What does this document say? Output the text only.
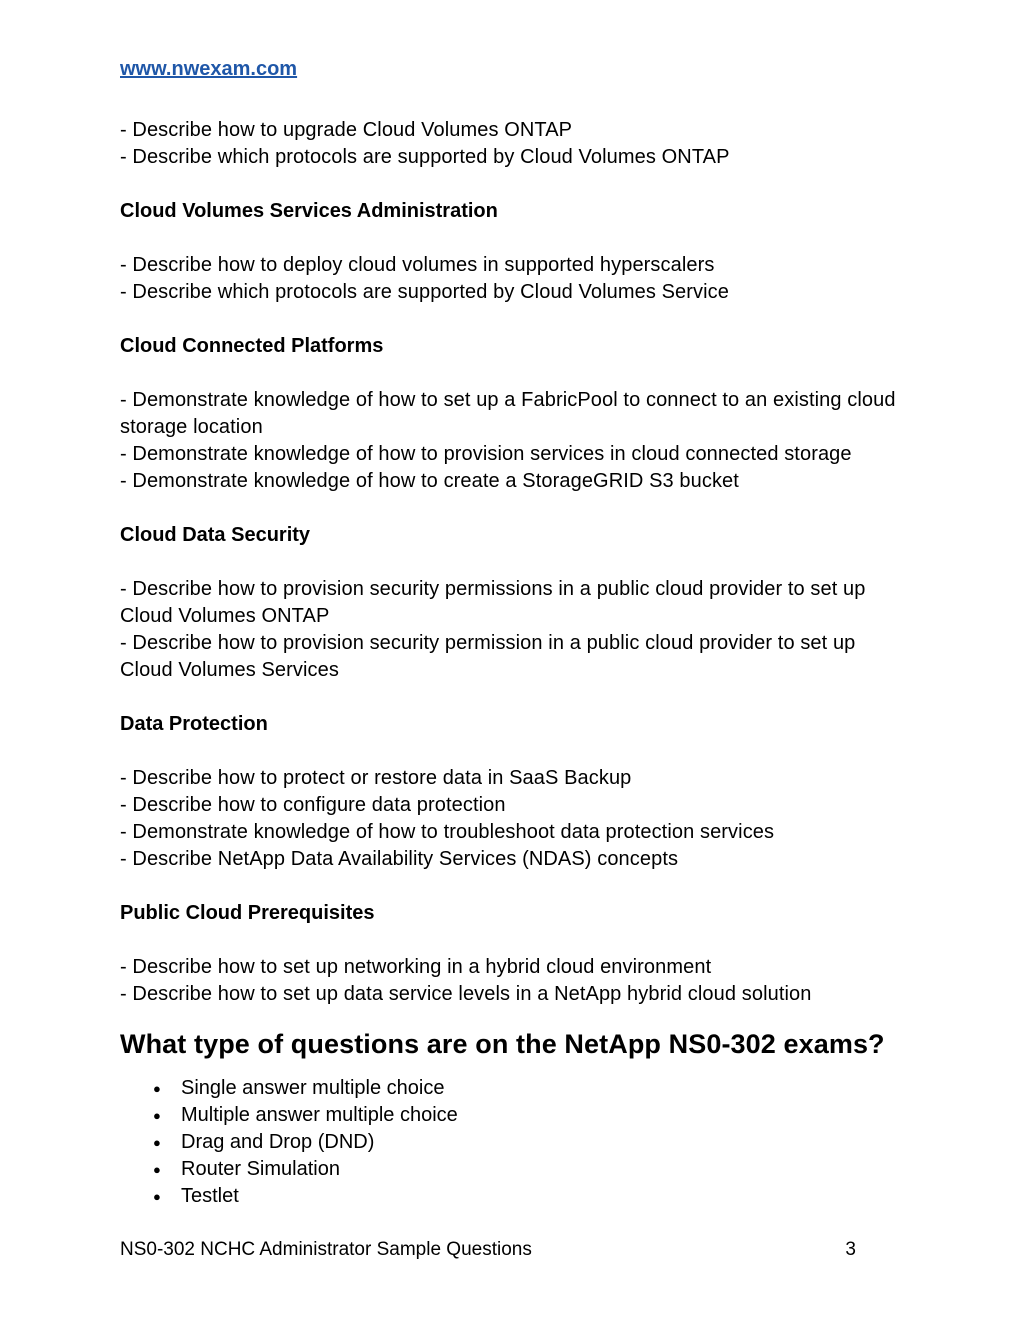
www.nwexam.com
- Describe how to upgrade Cloud Volumes ONTAP
- Describe which protocols are supported by Cloud Volumes ONTAP
Cloud Volumes Services Administration
- Describe how to deploy cloud volumes in supported hyperscalers
- Describe which protocols are supported by Cloud Volumes Service
Cloud Connected Platforms
- Demonstrate knowledge of how to set up a FabricPool to connect to an existing cloud storage location
- Demonstrate knowledge of how to provision services in cloud connected storage
- Demonstrate knowledge of how to create a StorageGRID S3 bucket
Cloud Data Security
- Describe how to provision security permissions in a public cloud provider to set up Cloud Volumes ONTAP
- Describe how to provision security permission in a public cloud provider to set up Cloud Volumes Services
Data Protection
- Describe how to protect or restore data in SaaS Backup
- Describe how to configure data protection
- Demonstrate knowledge of how to troubleshoot data protection services
- Describe NetApp Data Availability Services (NDAS) concepts
Public Cloud Prerequisites
- Describe how to set up networking in a hybrid cloud environment
- Describe how to set up data service levels in a NetApp hybrid cloud solution
What type of questions are on the NetApp NS0-302 exams?
●	Single answer multiple choice
●	Multiple answer multiple choice
●	Drag and Drop (DND)
●	Router Simulation
●	Testlet
NS0-302 NCHC Administrator Sample Questions	3
